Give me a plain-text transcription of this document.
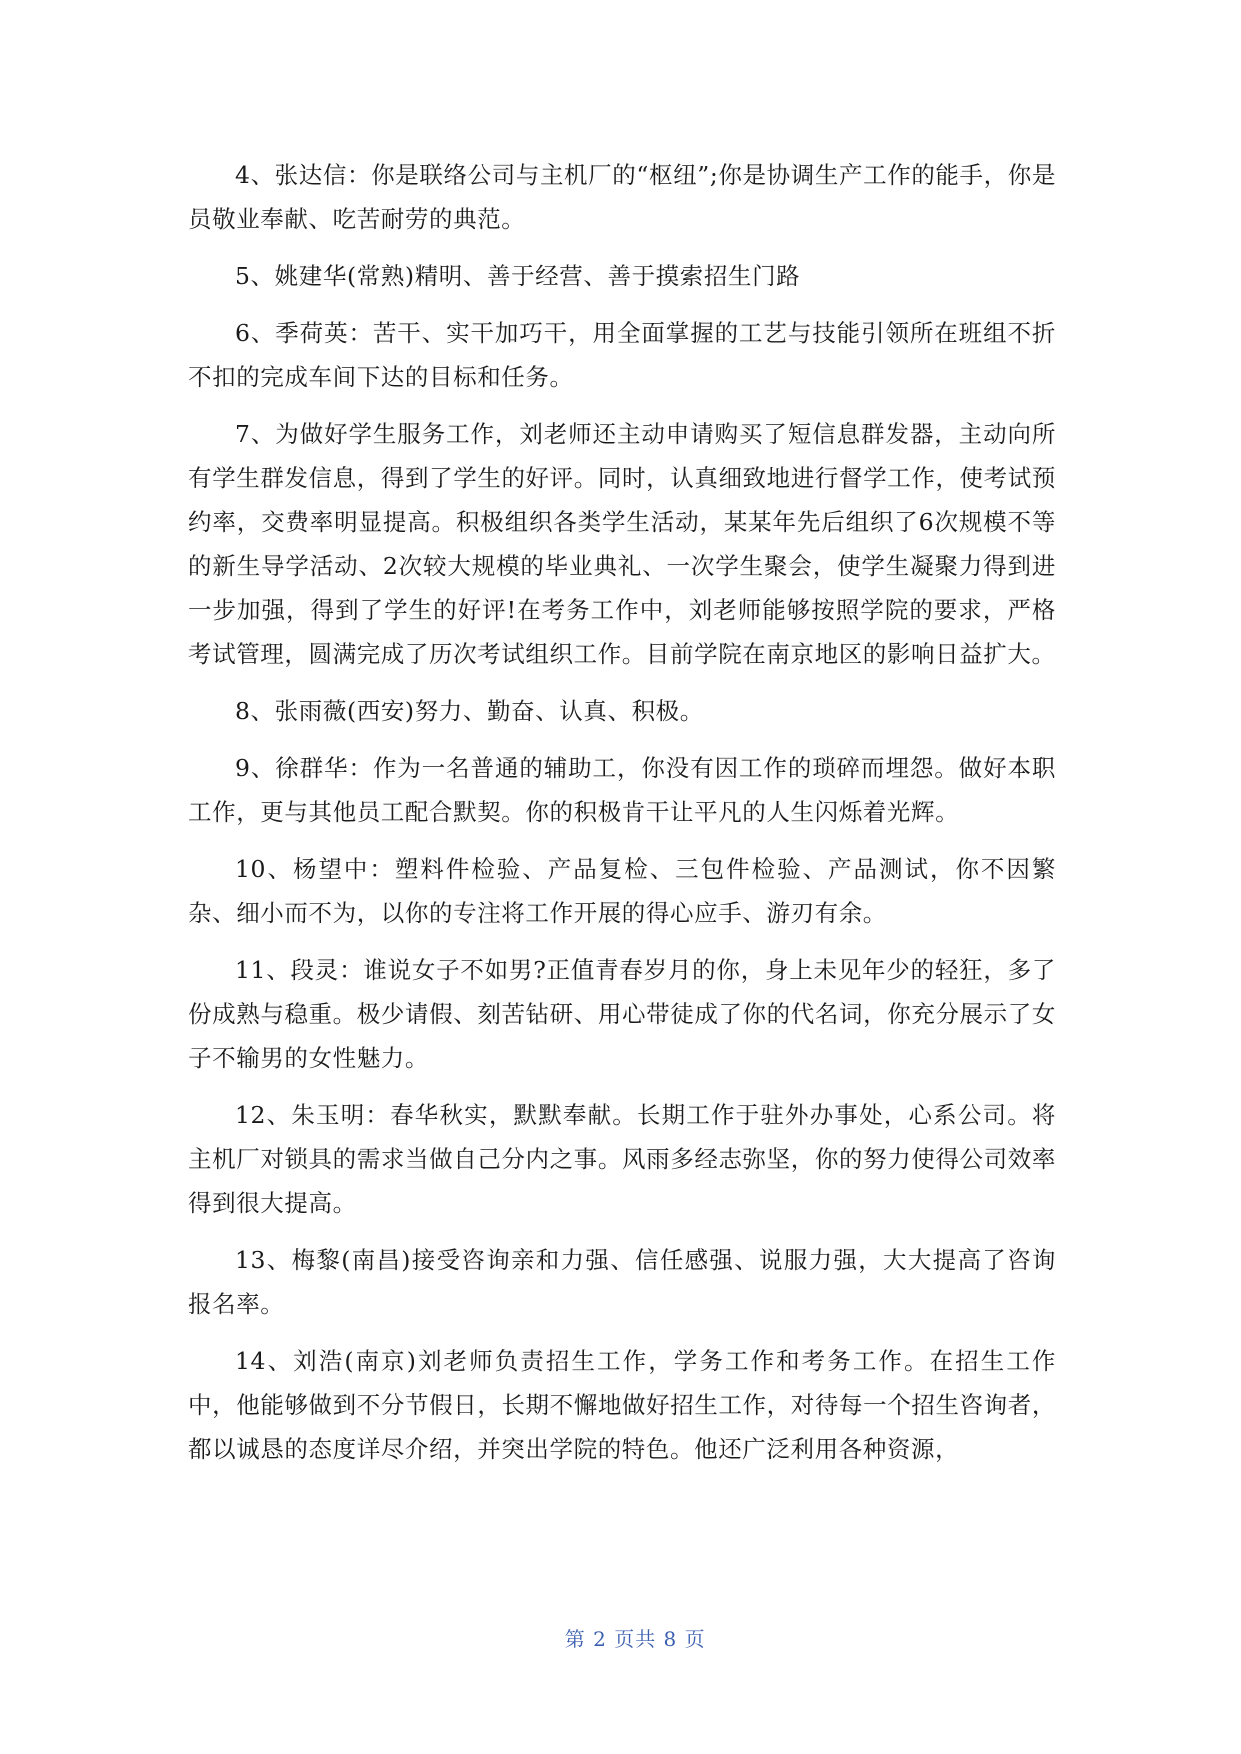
4、张达信：你是联络公司与主机厂的“枢纽”;你是协调生产工作的能手，你是员敬业奉献、吃苦耐劳的典范。

5、姚建华(常熟)精明、善于经营、善于摸索招生门路

6、季荷英：苦干、实干加巧干，用全面掌握的工艺与技能引领所在班组不折不扣的完成车间下达的目标和任务。

7、为做好学生服务工作，刘老师还主动申请购买了短信息群发器，主动向所有学生群发信息，得到了学生的好评。同时，认真细致地进行督学工作，使考试预约率，交费率明显提高。积极组织各类学生活动，某某年先后组织了6次规模不等的新生导学活动、2次较大规模的毕业典礼、一次学生聚会，使学生凝聚力得到进一步加强，得到了学生的好评!在考务工作中，刘老师能够按照学院的要求，严格考试管理，圆满完成了历次考试组织工作。目前学院在南京地区的影响日益扩大。

8、张雨薇(西安)努力、勤奋、认真、积极。

9、徐群华：作为一名普通的辅助工，你没有因工作的琐碎而埋怨。做好本职工作，更与其他员工配合默契。你的积极肯干让平凡的人生闪烁着光辉。

10、杨望中：塑料件检验、产品复检、三包件检验、产品测试，你不因繁杂、细小而不为，以你的专注将工作开展的得心应手、游刃有余。

11、段灵：谁说女子不如男?正值青春岁月的你，身上未见年少的轻狂，多了份成熟与稳重。极少请假、刻苦钻研、用心带徒成了你的代名词，你充分展示了女子不输男的女性魅力。

12、朱玉明：春华秋实，默默奉献。长期工作于驻外办事处，心系公司。将主机厂对锁具的需求当做自己分内之事。风雨多经志弥坚，你的努力使得公司效率得到很大提高。

13、梅黎(南昌)接受咨询亲和力强、信任感强、说服力强，大大提高了咨询报名率。

14、刘浩(南京)刘老师负责招生工作，学务工作和考务工作。在招生工作中，他能够做到不分节假日，长期不懈地做好招生工作，对待每一个招生咨询者，都以诚恳的态度详尽介绍，并突出学院的特色。他还广泛利用各种资源，

第 2 页共 8 页
